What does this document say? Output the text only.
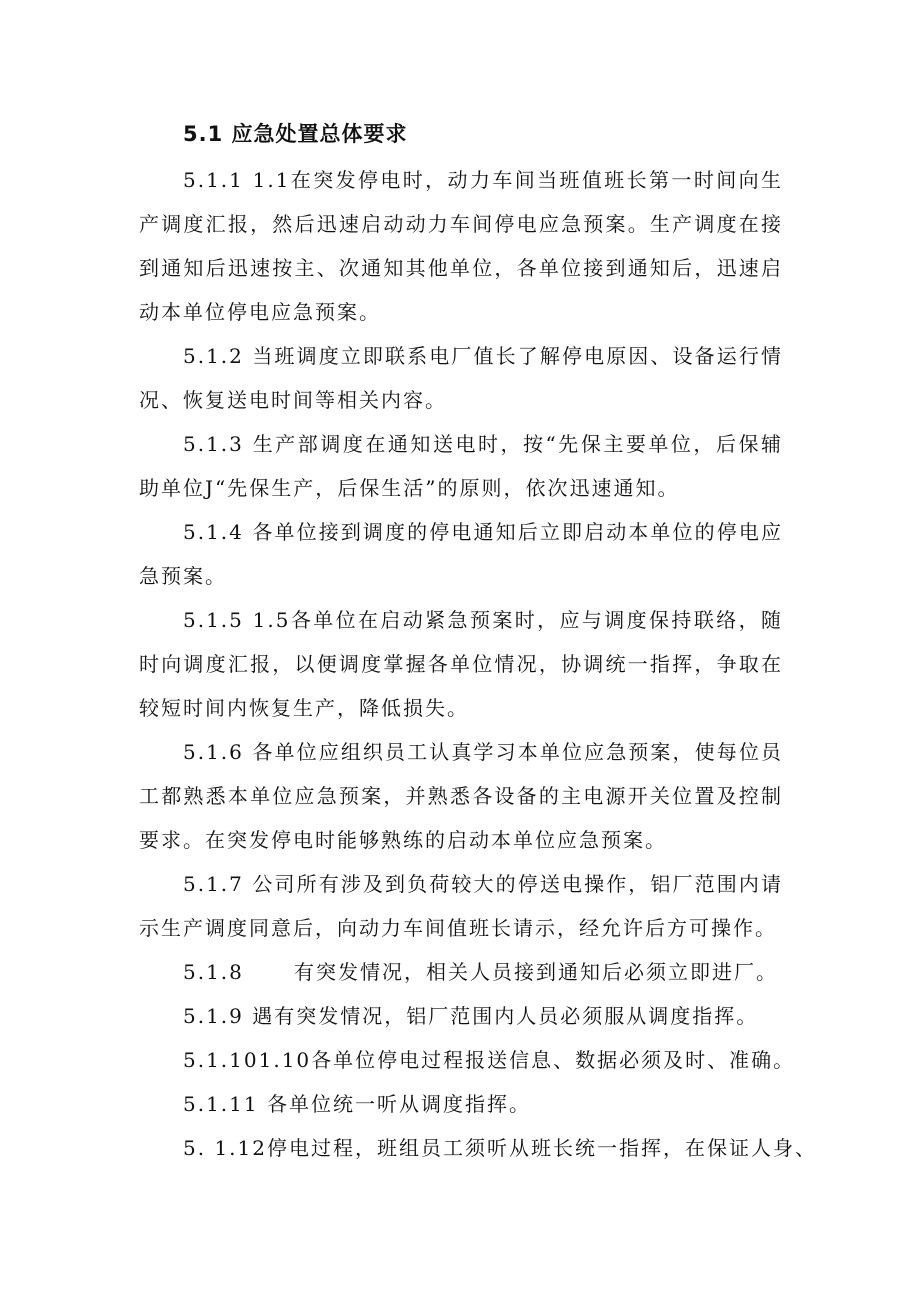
5.1 应急处置总体要求

5.1.1 1.1在突发停电时，动力车间当班值班长第一时间向生产调度汇报，然后迅速启动动力车间停电应急预案。生产调度在接到通知后迅速按主、次通知其他单位，各单位接到通知后，迅速启动本单位停电应急预案。

5.1.2 当班调度立即联系电厂值长了解停电原因、设备运行情况、恢复送电时间等相关内容。

5.1.3 生产部调度在通知送电时，按“先保主要单位，后保辅助单位J“先保生产，后保生活”的原则，依次迅速通知。

5.1.4 各单位接到调度的停电通知后立即启动本单位的停电应急预案。

5.1.5 1.5各单位在启动紧急预案时，应与调度保持联络，随时向调度汇报，以便调度掌握各单位情况，协调统一指挥，争取在较短时间内恢复生产，降低损失。

5.1.6 各单位应组织员工认真学习本单位应急预案，使每位员工都熟悉本单位应急预案，并熟悉各设备的主电源开关位置及控制要求。在突发停电时能够熟练的启动本单位应急预案。

5.1.7 公司所有涉及到负荷较大的停送电操作，铝厂范围内请示生产调度同意后，向动力车间值班长请示，经允许后方可操作。

5.1.8      有突发情况，相关人员接到通知后必须立即进厂。

5.1.9 遇有突发情况，铝厂范围内人员必须服从调度指挥。

5.1.101.10各单位停电过程报送信息、数据必须及时、准确。

5.1.11 各单位统一听从调度指挥。

5. 1.12停电过程，班组员工须听从班长统一指挥，在保证人身、
